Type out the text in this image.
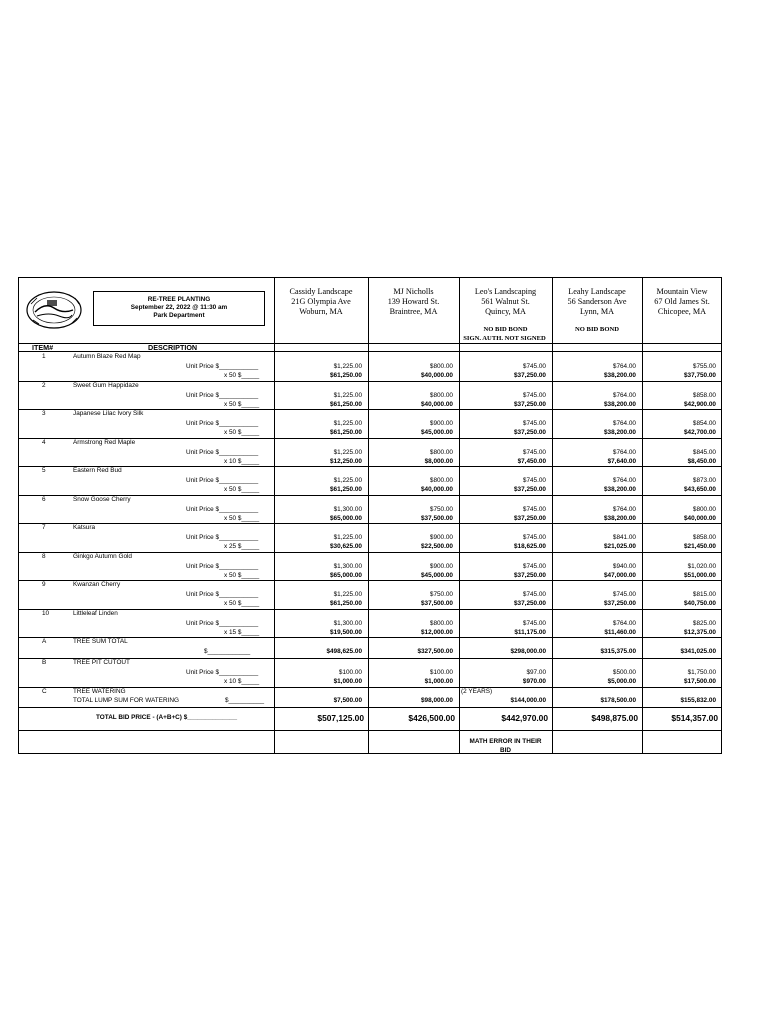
RE-TREE PLANTING
September 22, 2022 @ 11:30 am
Park Department
Cassidy Landscape
21G Olympia Ave
Woburn, MA
MJ Nicholls
139 Howard St.
Braintree, MA
Leo's Landscaping
561 Walnut St.
Quincy, MA
NO BID BOND
SIGN. AUTH. NOT SIGNED
Leahy Landscape
56 Sanderson Ave
Lynn, MA
NO BID BOND
Mountain View
67 Old James St.
Chicopee, MA
ITEM#	DESCRIPTION
1	Autumn Blaze Red Map
Unit Price $___________
x 50 $_____
$1,225.00	$800.00	$745.00	$764.00	$755.00
$61,250.00	$40,000.00	$37,250.00	$38,200.00	$37,750.00
2	Sweet Gum Happidaze
Unit Price $___________
x 50 $_____
$1,225.00	$800.00	$745.00	$764.00	$858.00
$61,250.00	$40,000.00	$37,250.00	$38,200.00	$42,900.00
3	Japanese Lilac Ivory Silk
Unit Price $___________
x 50 $_____
$1,225.00	$900.00	$745.00	$764.00	$854.00
$61,250.00	$45,000.00	$37,250.00	$38,200.00	$42,700.00
4	Armstrong Red Maple
Unit Price $___________
x 10 $_____
$1,225.00	$800.00	$745.00	$764.00	$845.00
$12,250.00	$8,000.00	$7,450.00	$7,640.00	$8,450.00
5	Eastern Red Bud
Unit Price $___________
x 50 $_____
$1,225.00	$800.00	$745.00	$764.00	$873.00
$61,250.00	$40,000.00	$37,250.00	$38,200.00	$43,650.00
6	Snow Goose Cherry
Unit Price $___________
x 50 $_____
$1,300.00	$750.00	$745.00	$764.00	$800.00
$65,000.00	$37,500.00	$37,250.00	$38,200.00	$40,000.00
7	Katsura
Unit Price $___________
x 25 $_____
$1,225.00	$900.00	$745.00	$841.00	$858.00
$30,625.00	$22,500.00	$18,625.00	$21,025.00	$21,450.00
8	Ginkgo Autumn Gold
Unit Price $___________
x 50 $_____
$1,300.00	$900.00	$745.00	$940.00	$1,020.00
$65,000.00	$45,000.00	$37,250.00	$47,000.00	$51,000.00
9	Kwanzan Cherry
Unit Price $___________
x 50 $_____
$1,225.00	$750.00	$745.00	$745.00	$815.00
$61,250.00	$37,500.00	$37,250.00	$37,250.00	$40,750.00
10	Littleleaf Linden
Unit Price $___________
x 15 $_____
$1,300.00	$800.00	$745.00	$764.00	$825.00
$19,500.00	$12,000.00	$11,175.00	$11,460.00	$12,375.00
A	TREE SUM TOTAL
$____________	$498,625.00	$327,500.00	$298,000.00	$315,375.00	$341,025.00
B	TREE PIT CUTOUT
Unit Price $___________
x 10 $_____
$100.00	$100.00	$97.00	$500.00	$1,750.00
$1,000.00	$1,000.00	$970.00	$5,000.00	$17,500.00
C	TREE WATERING
TOTAL LUMP SUM FOR WATERING	$__________
(2 YEARS)
$7,500.00	$98,000.00	$144,000.00	$178,500.00	$155,832.00
TOTAL BID PRICE - (A+B+C) $______________	$507,125.00	$426,500.00	$442,970.00	$498,875.00	$514,357.00
MATH ERROR IN THEIR
BID
